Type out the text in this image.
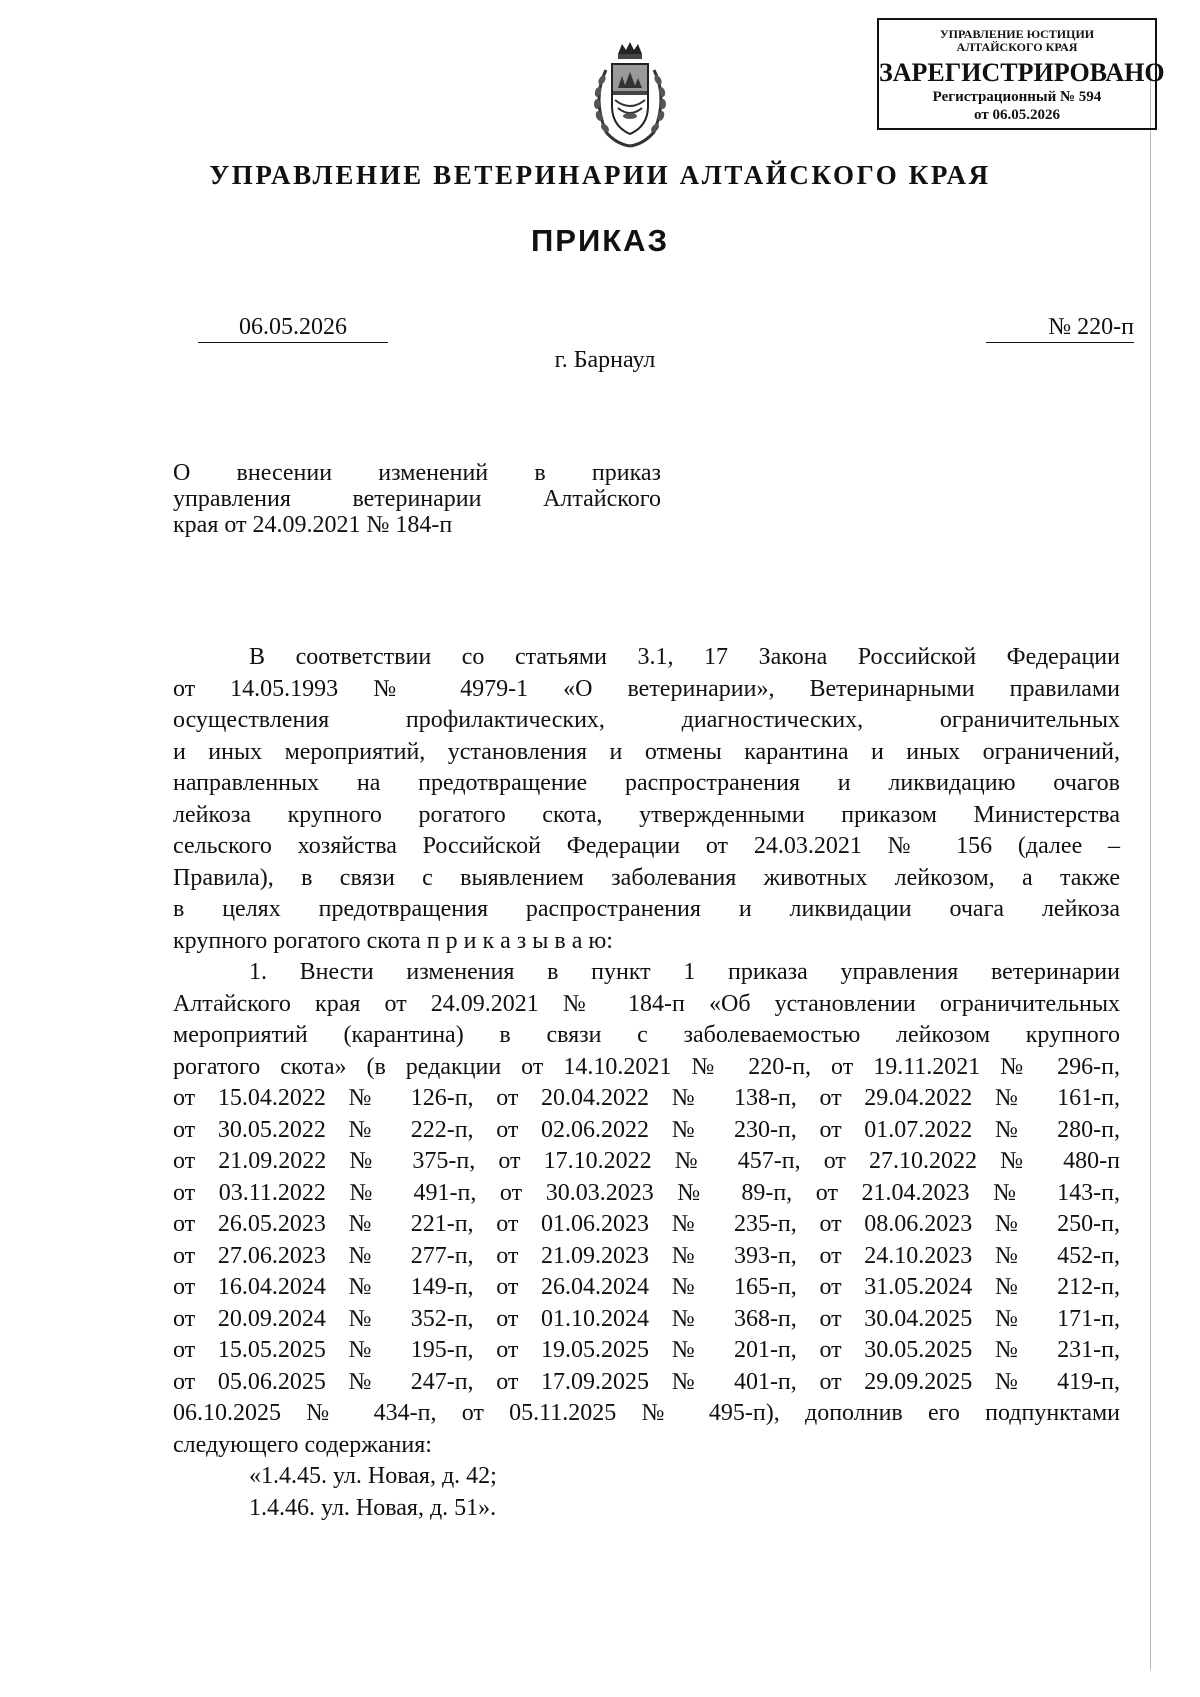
УПРАВЛЕНИЕ ЮСТИЦИИ
АЛТАЙСКОГО КРАЯ
ЗАРЕГИСТРИРОВАНО
Регистрационный № 594
от 06.05.2026
УПРАВЛЕНИЕ ВЕТЕРИНАРИИ АЛТАЙСКОГО КРАЯ
ПРИКАЗ
06.05.2026	№ 220-п
г. Барнаул
О внесении изменений в приказ
управления ветеринарии Алтайского
края от 24.09.2021 № 184-п
В соответствии со статьями 3.1, 17 Закона Российской Федерации
от 14.05.1993 № 4979-1 «О ветеринарии», Ветеринарными правилами
осуществления профилактических, диагностических, ограничительных
и иных мероприятий, установления и отмены карантина и иных ограничений,
направленных на предотвращение распространения и ликвидацию очагов
лейкоза крупного рогатого скота, утвержденными приказом Министерства
сельского хозяйства Российской Федерации от 24.03.2021 № 156 (далее –
Правила), в связи с выявлением заболевания животных лейкозом, а также
в целях предотвращения распространения и ликвидации очага лейкоза
крупного рогатого скота п р и к а з ы в а ю:
1. Внести изменения в пункт 1 приказа управления ветеринарии
Алтайского края от 24.09.2021 № 184-п «Об установлении ограничительных
мероприятий (карантина) в связи с заболеваемостью лейкозом крупного
рогатого скота» (в редакции от 14.10.2021 № 220-п, от 19.11.2021 № 296-п,
от 15.04.2022 № 126-п, от 20.04.2022 № 138-п, от 29.04.2022 № 161-п,
от 30.05.2022 № 222-п, от 02.06.2022 № 230-п, от 01.07.2022 № 280-п,
от 21.09.2022 № 375-п, от 17.10.2022 № 457-п, от 27.10.2022 № 480-п
от 03.11.2022 № 491-п, от 30.03.2023 № 89-п, от 21.04.2023 № 143-п,
от 26.05.2023 № 221-п, от 01.06.2023 № 235-п, от 08.06.2023 № 250-п,
от 27.06.2023 № 277-п, от 21.09.2023 № 393-п, от 24.10.2023 № 452-п,
от 16.04.2024 № 149-п, от 26.04.2024 № 165-п, от 31.05.2024 № 212-п,
от 20.09.2024 № 352-п, от 01.10.2024 № 368-п, от 30.04.2025 № 171-п,
от 15.05.2025 № 195-п, от 19.05.2025 № 201-п, от 30.05.2025 № 231-п,
от 05.06.2025 № 247-п, от 17.09.2025 № 401-п, от 29.09.2025 № 419-п,
06.10.2025 № 434-п, от 05.11.2025 № 495-п), дополнив его подпунктами
следующего содержания:
«1.4.45. ул. Новая, д. 42;
1.4.46. ул. Новая, д. 51».
